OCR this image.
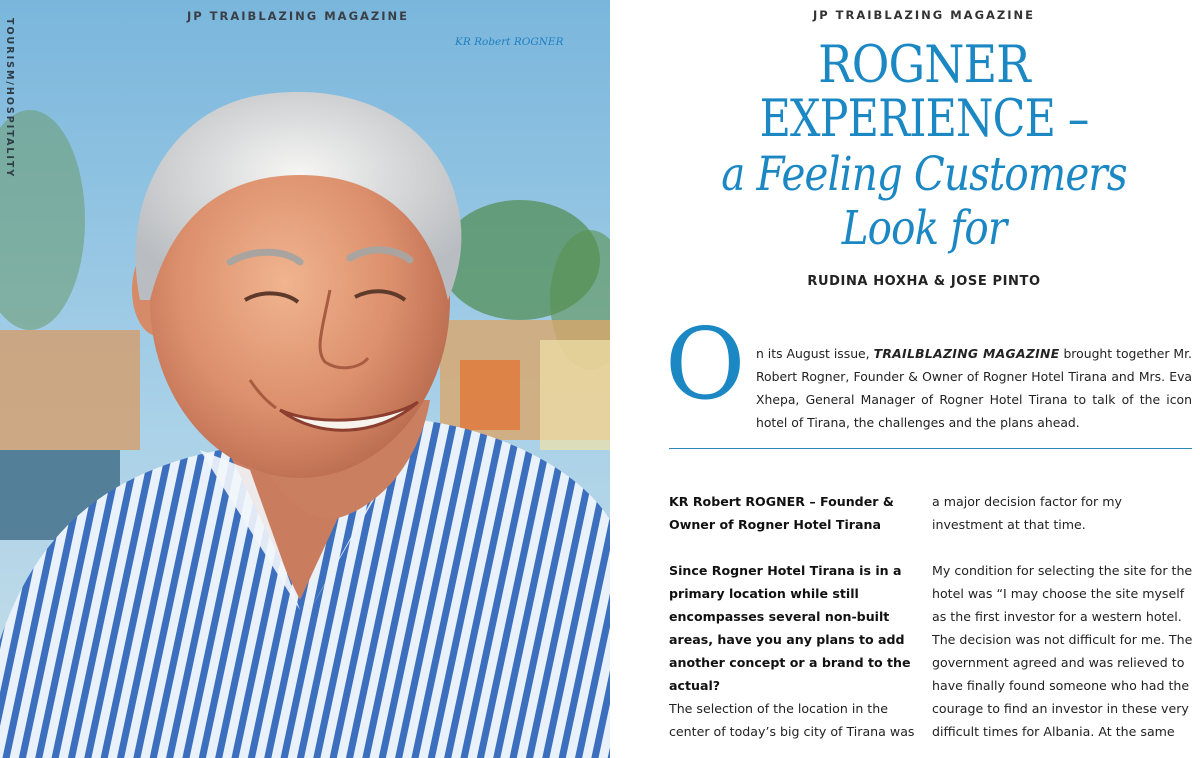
JP TRAIBLAZING MAGAZINE
KR Robert ROGNER
TOURISM/HOSPITALITY
JP TRAIBLAZING MAGAZINE
ROGNER
EXPERIENCE –
a Feeling Customers
Look for
RUDINA HOXHA & JOSE PINTO
O n its August issue, TRAILBLAZING MAGAZINE brought together Mr. Robert Rogner, Founder & Owner of Rogner Hotel Tirana and Mrs. Eva Xhepa, General Manager of Rogner Hotel Tirana to talk of the icon hotel of Tirana, the challenges and the plans ahead.

KR Robert ROGNER – Founder & Owner of Rogner Hotel Tirana

Since Rogner Hotel Tirana is in a primary location while still encompasses several non-built areas, have you any plans to add another concept or a brand to the actual?

The selection of the location in the center of today’s big city of Tirana was

a major decision factor for my investment at that time.

My condition for selecting the site for the hotel was “I may choose the site myself as the first investor for a western hotel. The decision was not difficult for me. The government agreed and was relieved to have finally found someone who had the courage to find an investor in these very difficult times for Albania. At the same
